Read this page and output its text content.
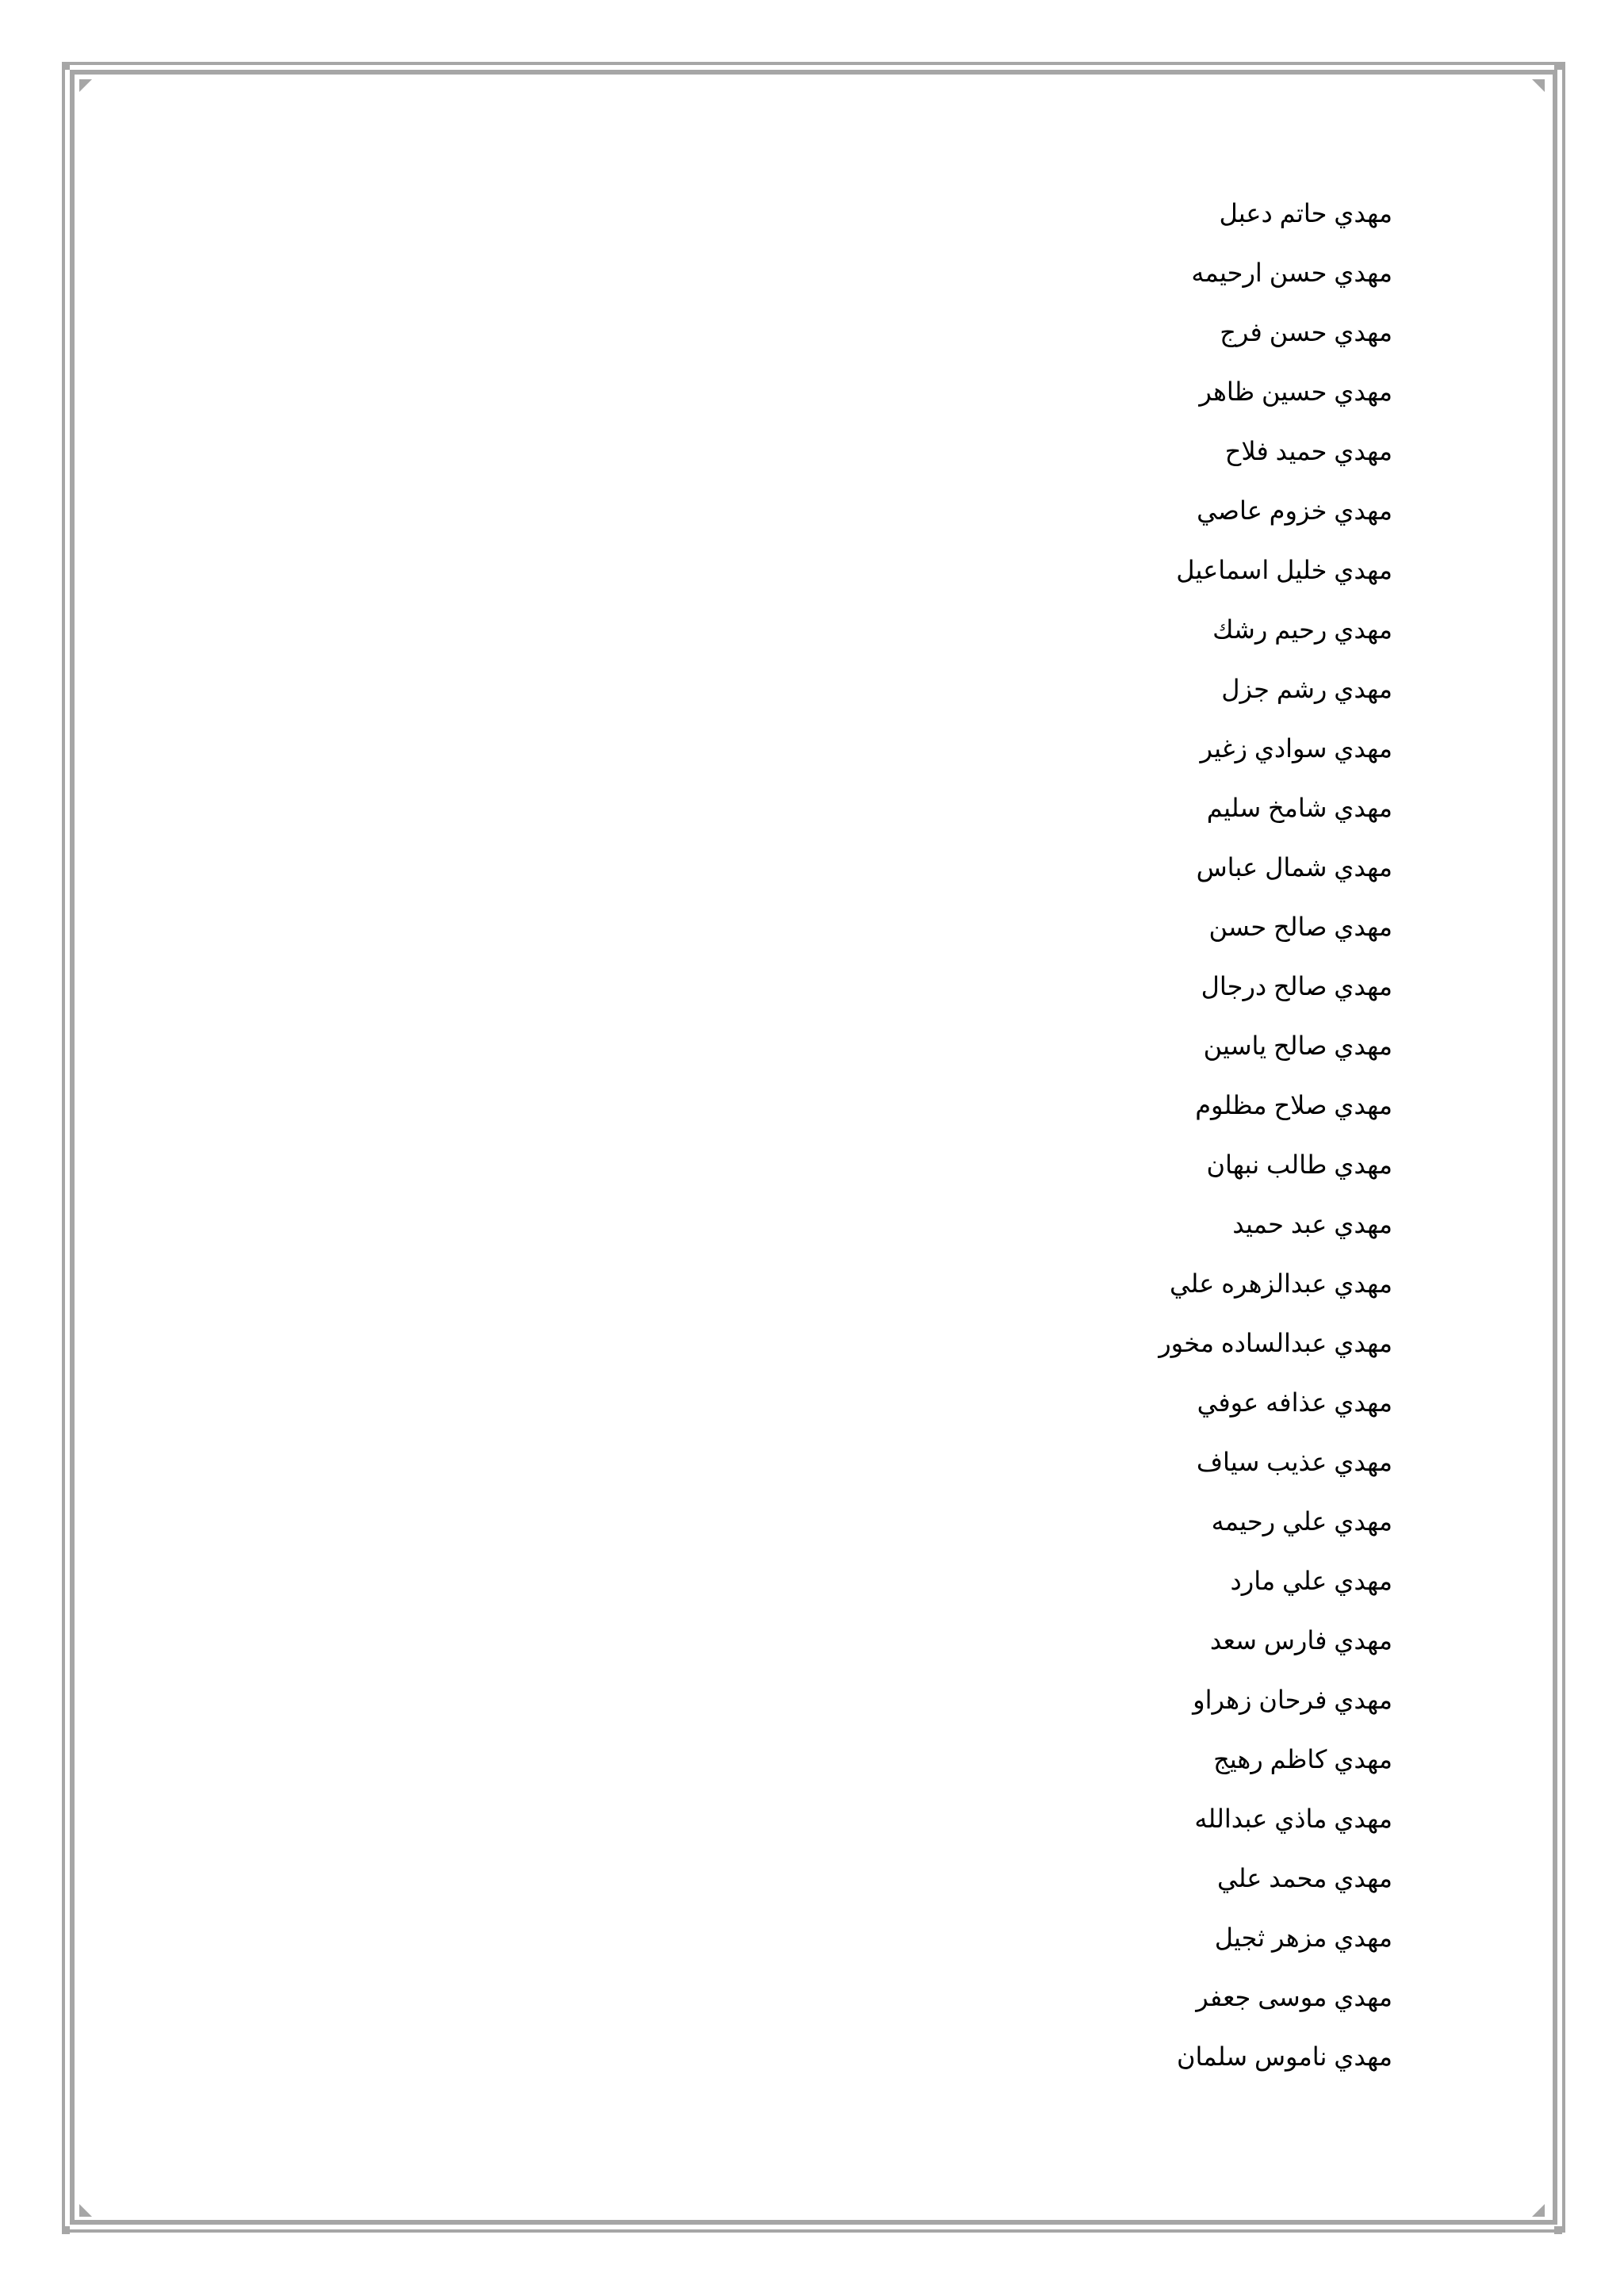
مهدي حاتم دعبل
مهدي حسن ارحيمه
مهدي حسن فرج
مهدي حسين ظاهر
مهدي حميد فلاح
مهدي خزوم عاصي
مهدي خليل اسماعيل
مهدي رحيم رشك
مهدي رشم جزل
مهدي سوادي زغير
مهدي شامخ سليم
مهدي شمال عباس
مهدي صالح حسن
مهدي صالح درجال
مهدي صالح ياسين
مهدي صلاح مظلوم
مهدي طالب نبهان
مهدي عبد حميد
مهدي عبدالزهره علي
مهدي عبدالساده مخور
مهدي عذافه عوفي
مهدي عذيب سياف
مهدي علي رحيمه
مهدي علي مارد
مهدي فارس سعد
مهدي فرحان زهراو
مهدي كاظم رهيج
مهدي ماذي عبدالله
مهدي محمد علي
مهدي مزهر ثجيل
مهدي موسى جعفر
مهدي ناموس سلمان
